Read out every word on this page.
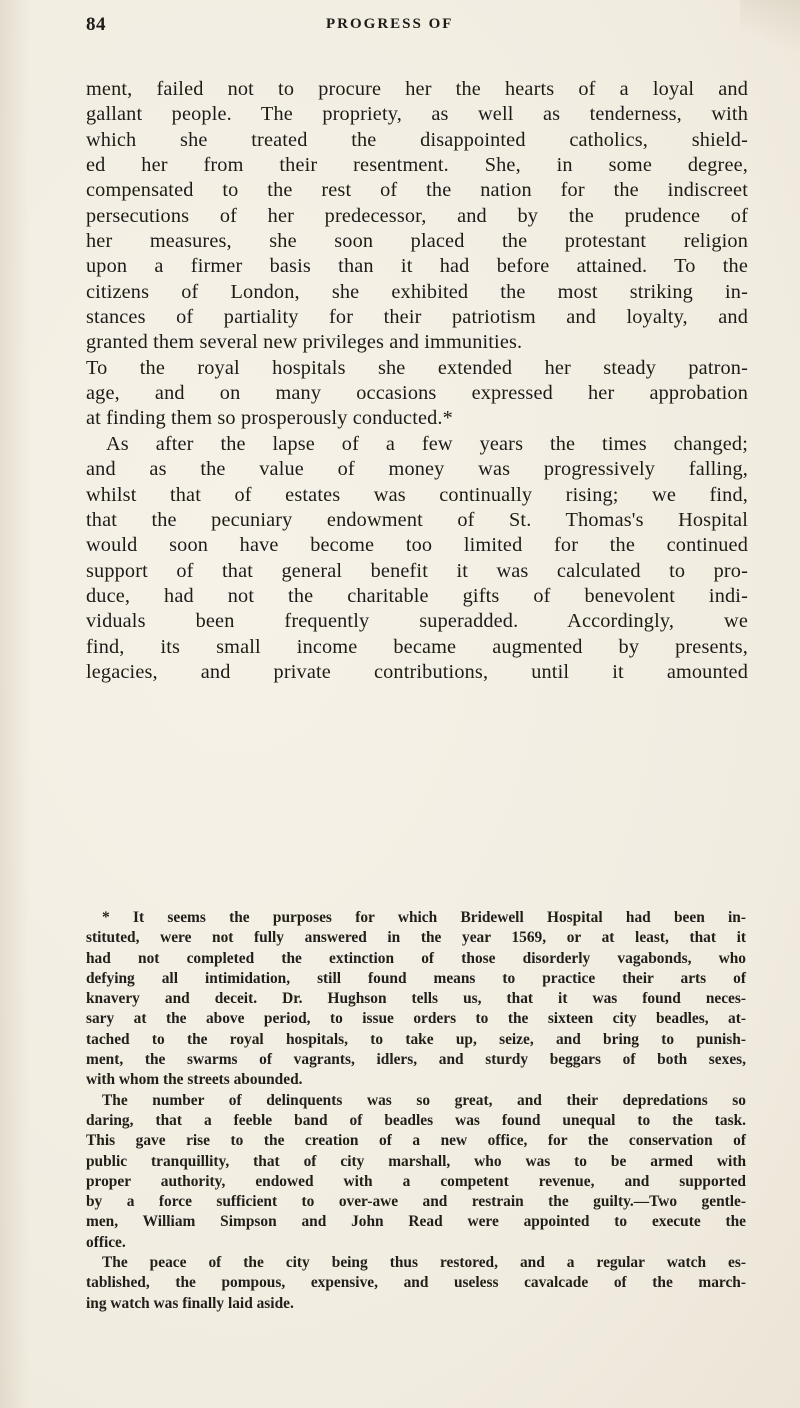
84	PROGRESS OF
ment, failed not to procure her the hearts of a loyal and
gallant people. The propriety, as well as tenderness, with
which she treated the disappointed catholics, shield-
ed her from their resentment. She, in some degree,
compensated to the rest of the nation for the indiscreet
persecutions of her predecessor, and by the prudence of
her measures, she soon placed the protestant religion
upon a firmer basis than it had before attained. To the
citizens of London, she exhibited the most striking in-
stances of partiality for their patriotism and loyalty, and
granted them several new privileges and immunities.
To the royal hospitals she extended her steady patron-
age, and on many occasions expressed her approbation
at finding them so prosperously conducted.*
As after the lapse of a few years the times changed;
and as the value of money was progressively falling,
whilst that of estates was continually rising; we find,
that the pecuniary endowment of St. Thomas's Hospital
would soon have become too limited for the continued
support of that general benefit it was calculated to pro-
duce, had not the charitable gifts of benevolent indi-
viduals been frequently superadded. Accordingly, we
find, its small income became augmented by presents,
legacies, and private contributions, until it amounted
* It seems the purposes for which Bridewell Hospital had been in-
stituted, were not fully answered in the year 1569, or at least, that it
had not completed the extinction of those disorderly vagabonds, who
defying all intimidation, still found means to practice their arts of
knavery and deceit. Dr. Hughson tells us, that it was found neces-
sary at the above period, to issue orders to the sixteen city beadles, at-
tached to the royal hospitals, to take up, seize, and bring to punish-
ment, the swarms of vagrants, idlers, and sturdy beggars of both sexes,
with whom the streets abounded.
The number of delinquents was so great, and their depredations so
daring, that a feeble band of beadles was found unequal to the task.
This gave rise to the creation of a new office, for the conservation of
public tranquillity, that of city marshall, who was to be armed with
proper authority, endowed with a competent revenue, and supported
by a force sufficient to over-awe and restrain the guilty.—Two gentle-
men, William Simpson and John Read were appointed to execute the
office.
The peace of the city being thus restored, and a regular watch es-
tablished, the pompous, expensive, and useless cavalcade of the march-
ing watch was finally laid aside.
